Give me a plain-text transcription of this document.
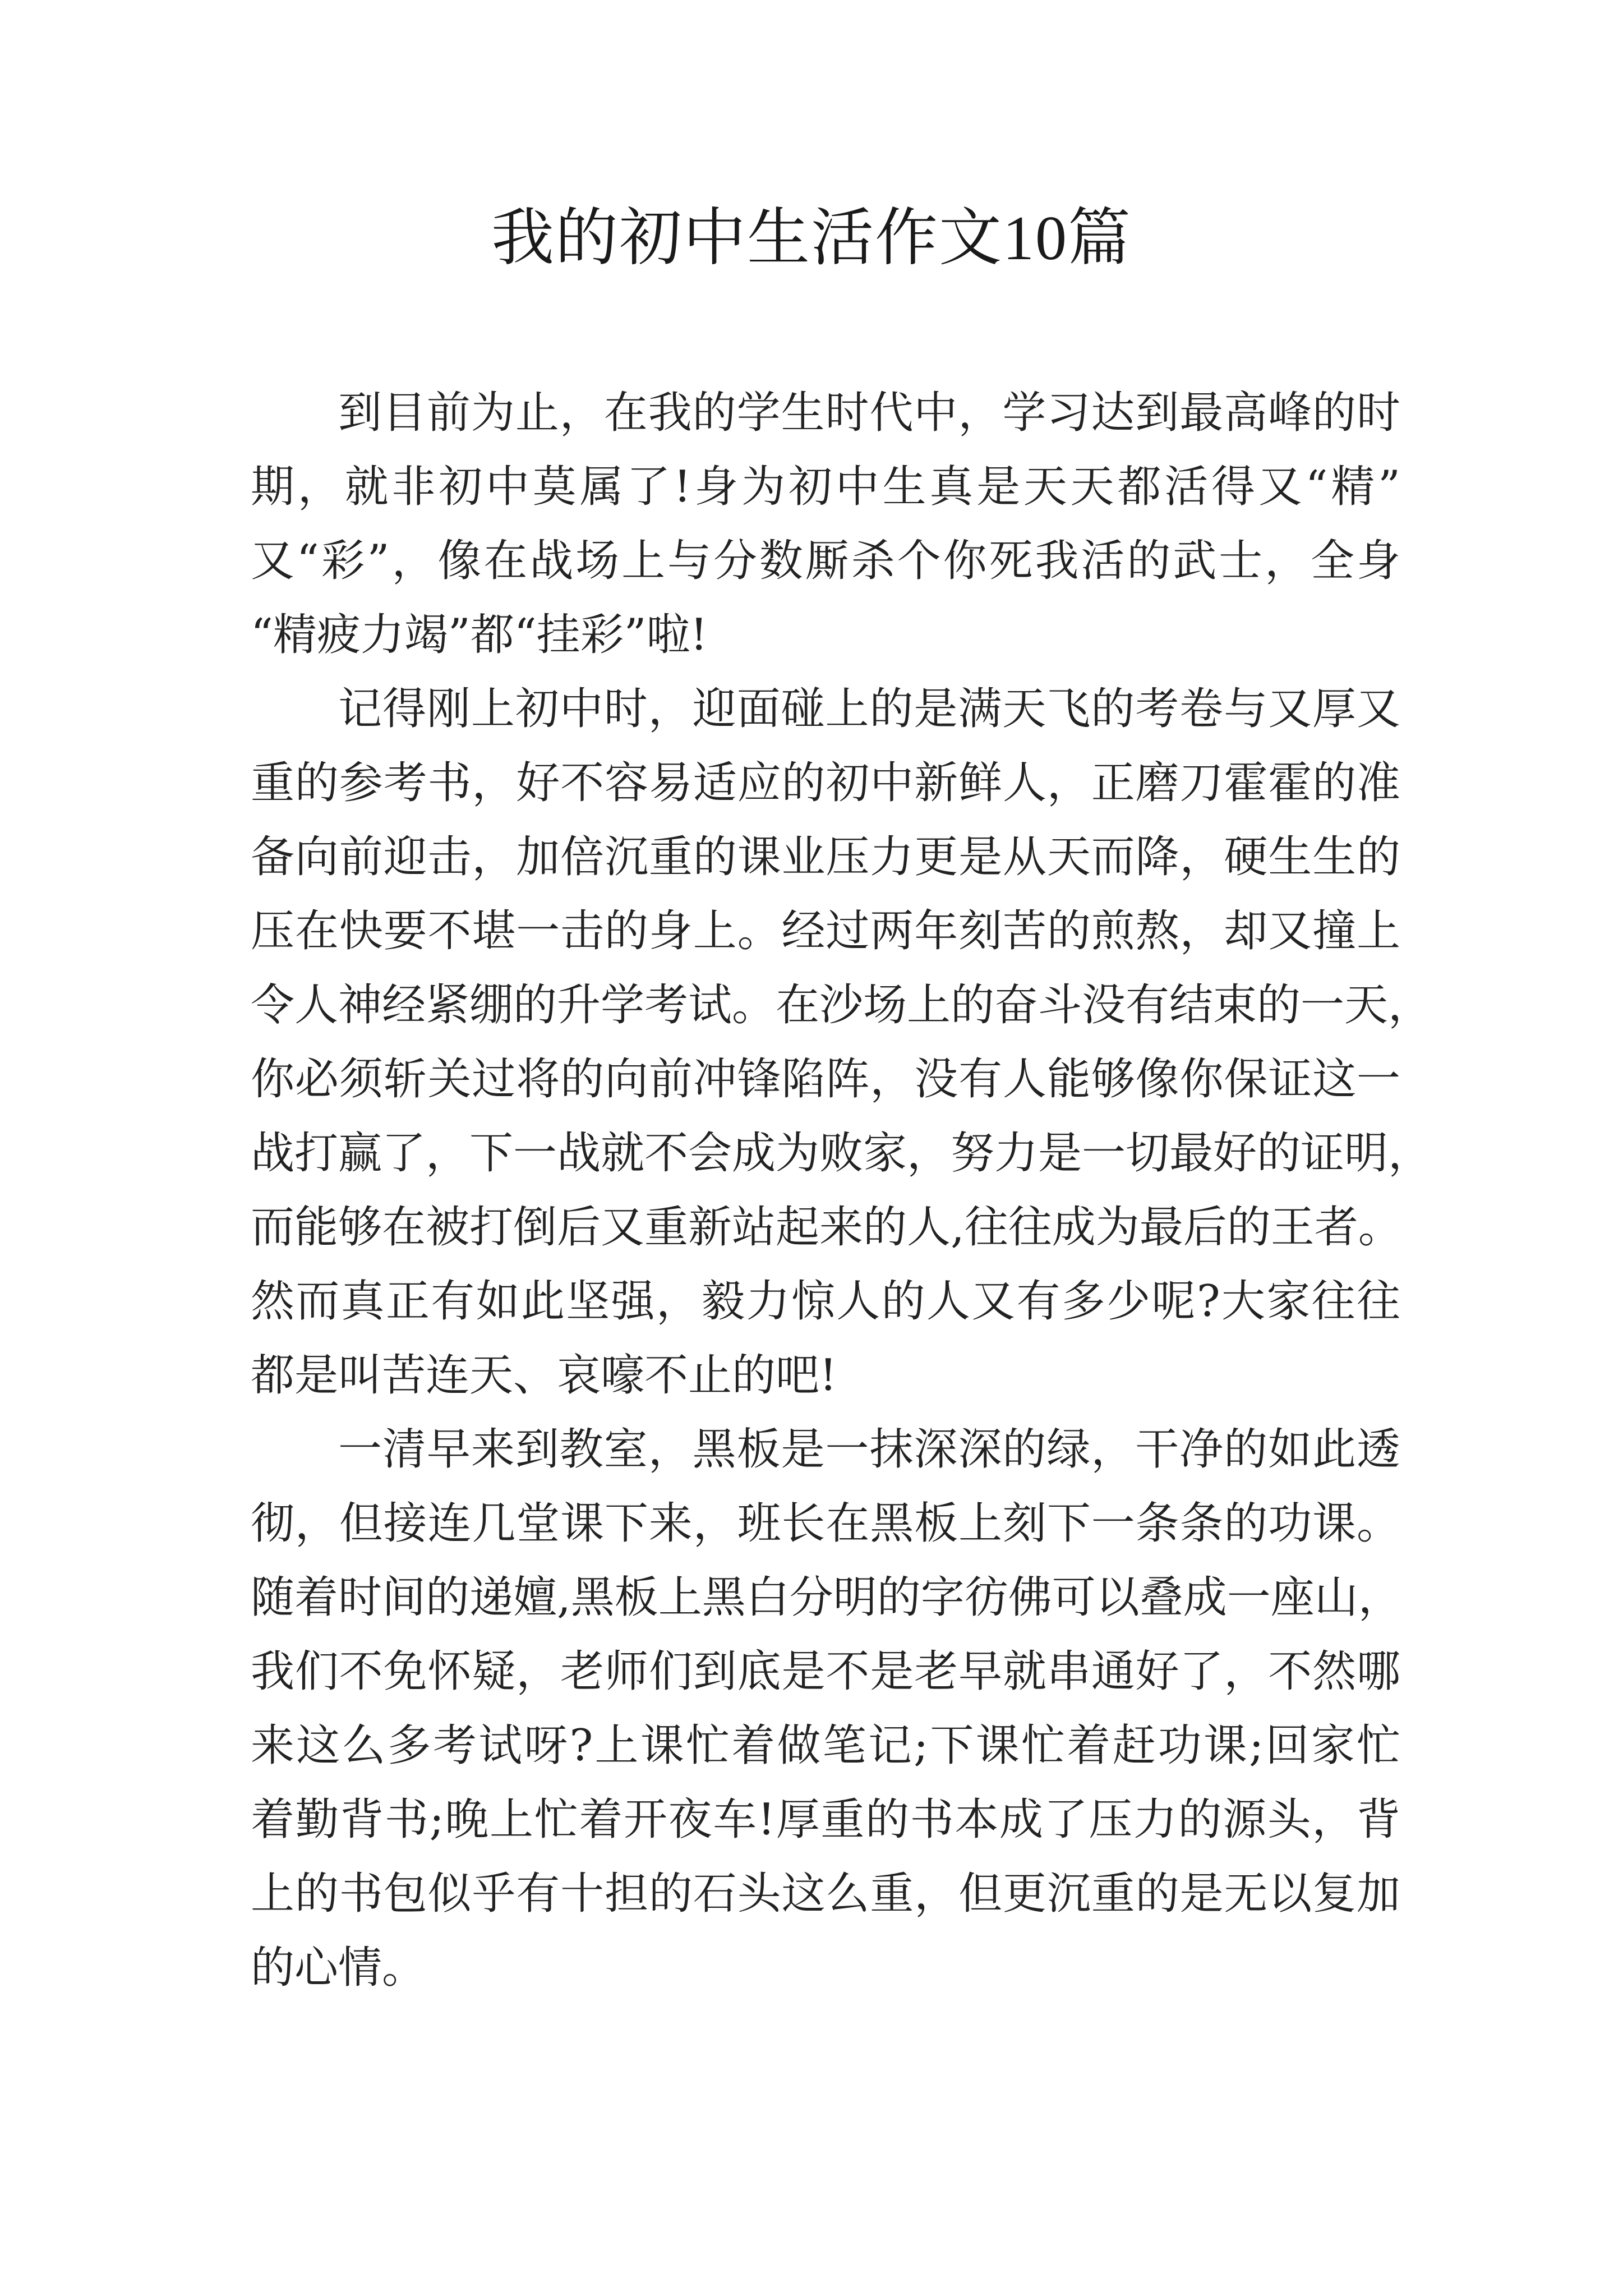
我的初中生活作文10篇
到目前为止，在我的学生时代中，学习达到最高峰的时
期，就非初中莫属了!身为初中生真是天天都活得又“精”
又“彩”，像在战场上与分数厮杀个你死我活的武士，全身
“精疲力竭”都“挂彩”啦!
记得刚上初中时，迎面碰上的是满天飞的考卷与又厚又
重的参考书，好不容易适应的初中新鲜人，正磨刀霍霍的准
备向前迎击，加倍沉重的课业压力更是从天而降，硬生生的
压在快要不堪一击的身上。经过两年刻苦的煎熬，却又撞上
令人神经紧绷的升学考试。在沙场上的奋斗没有结束的一天，
你必须斩关过将的向前冲锋陷阵，没有人能够像你保证这一
战打赢了，下一战就不会成为败家，努力是一切最好的证明，
而能够在被打倒后又重新站起来的人,往往成为最后的王者。
然而真正有如此坚强，毅力惊人的人又有多少呢?大家往往
都是叫苦连天、哀嚎不止的吧!
一清早来到教室，黑板是一抹深深的绿，干净的如此透
彻，但接连几堂课下来，班长在黑板上刻下一条条的功课。
随着时间的递嬗,黑板上黑白分明的字彷佛可以叠成一座山，
我们不免怀疑，老师们到底是不是老早就串通好了，不然哪
来这么多考试呀?上课忙着做笔记;下课忙着赶功课;回家忙
着勤背书;晚上忙着开夜车!厚重的书本成了压力的源头，背
上的书包似乎有十担的石头这么重，但更沉重的是无以复加
的心情。
